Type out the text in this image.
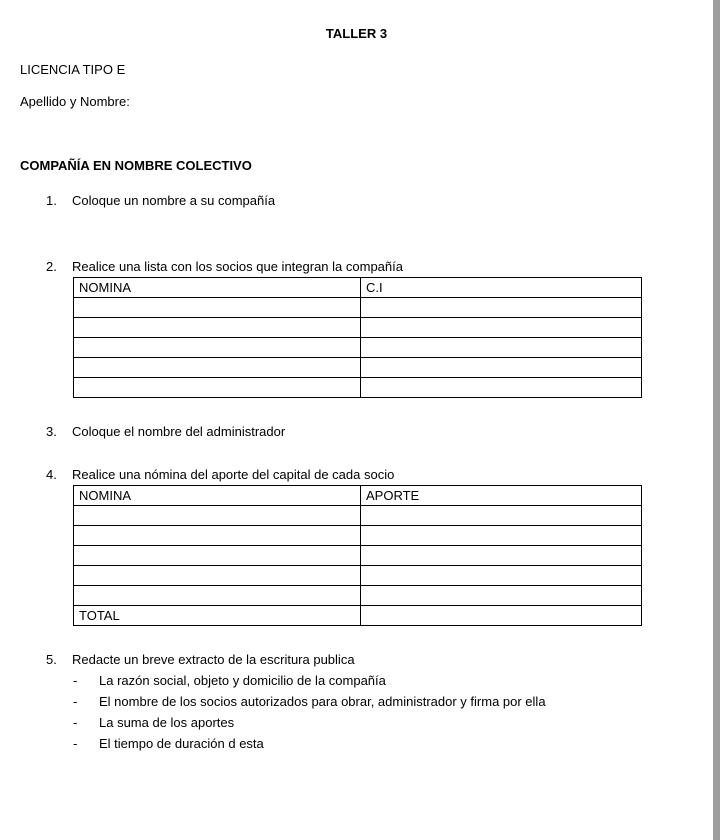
TALLER 3
LICENCIA TIPO E
Apellido y Nombre:
COMPAÑÍA EN NOMBRE COLECTIVO
1. Coloque un nombre a su compañía
2. Realice una lista con los socios que integran la compañía
NOMINA	C.I

3. Coloque el nombre del administrador
4. Realice una nómina del aporte del capital de cada socio
NOMINA	APORTE

TOTAL	
5. Redacte un breve extracto de la escritura publica
- La razón social, objeto y domicilio de la compañía
- El nombre de los socios autorizados para obrar, administrador y firma por ella
- La suma de los aportes
- El tiempo de duración d esta
